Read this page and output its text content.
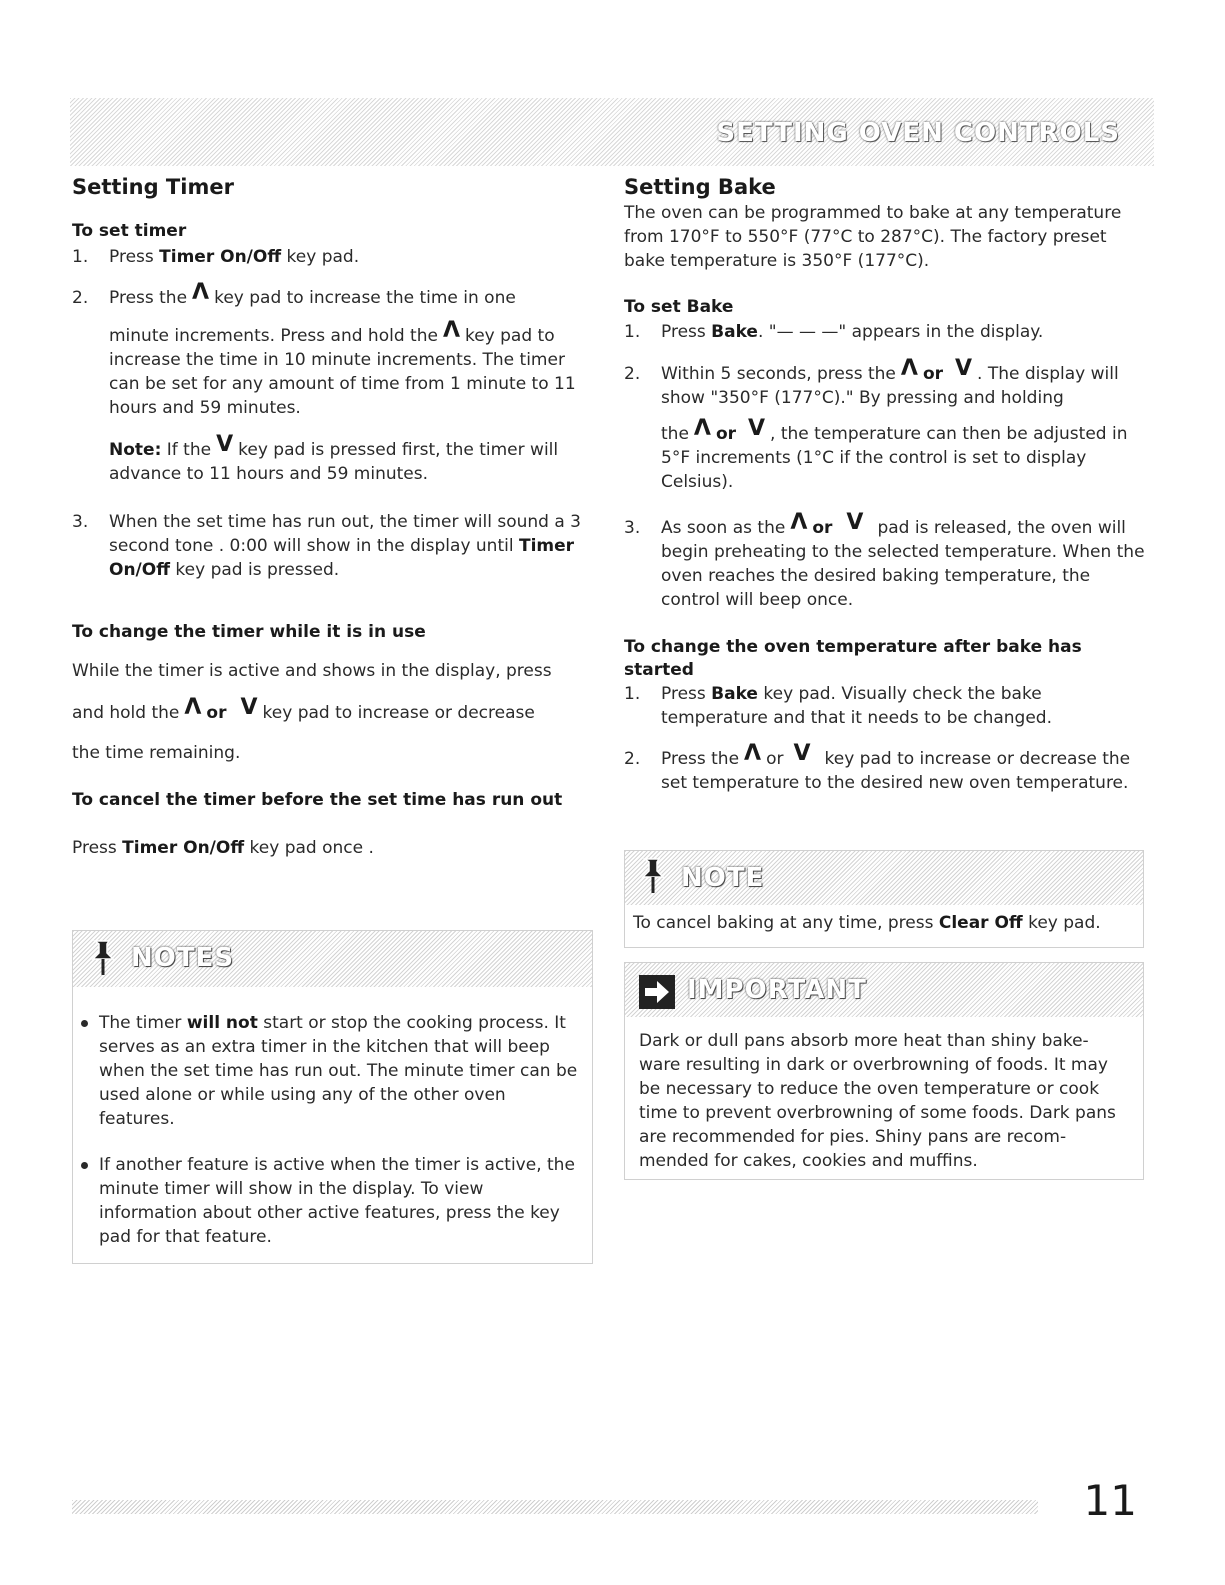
SETTING OVEN CONTROLS
Setting Timer
To set timer
1. Press Timer On/Off key pad.
2. Press the Λ key pad to increase the time in one
minute increments. Press and hold the Λ key pad to increase the time in 10 minute increments. The timer can be set for any amount of time from 1 minute to 11 hours and 59 minutes.
Note: If the V key pad is pressed first, the timer will advance to 11 hours and 59 minutes.
3. When the set time has run out, the timer will sound a 3 second tone . 0:00 will show in the display until Timer On/Off key pad is pressed.
To change the timer while it is in use
While the timer is active and shows in the display, press
and hold the Λ or V key pad to increase or decrease
the time remaining.
To cancel the timer before the set time has run out
Press Timer On/Off key pad once .
NOTES
The timer will not start or stop the cooking process. It serves as an extra timer in the kitchen that will beep when the set time has run out. The minute timer can be used alone or while using any of the other oven features.
If another feature is active when the timer is active, the minute timer will show in the display. To view information about other active features, press the key pad for that feature.
Setting Bake
The oven can be programmed to bake at any temperature from 170°F to 550°F (77°C to 287°C). The factory preset bake temperature is 350°F (177°C).
To set Bake
1. Press Bake. "— — —" appears in the display.
2. Within 5 seconds, press the Λ or V . The display will show "350°F (177°C)." By pressing and holding
the Λ or V , the temperature can then be adjusted in 5°F increments (1°C if the control is set to display Celsius).
3. As soon as the Λ or V pad is released, the oven will begin preheating to the selected temperature. When the oven reaches the desired baking temperature, the control will beep once.
To change the oven temperature after bake has started
1. Press Bake key pad. Visually check the bake temperature and that it needs to be changed.
2. Press the Λ or V key pad to increase or decrease the set temperature to the desired new oven temperature.
NOTE
To cancel baking at any time, press Clear Off key pad.
IMPORTANT
Dark or dull pans absorb more heat than shiny bake-ware resulting in dark or overbrowning of foods. It may be necessary to reduce the oven temperature or cook time to prevent overbrowning of some foods. Dark pans are recommended for pies. Shiny pans are recom-mended for cakes, cookies and muffins.
11
